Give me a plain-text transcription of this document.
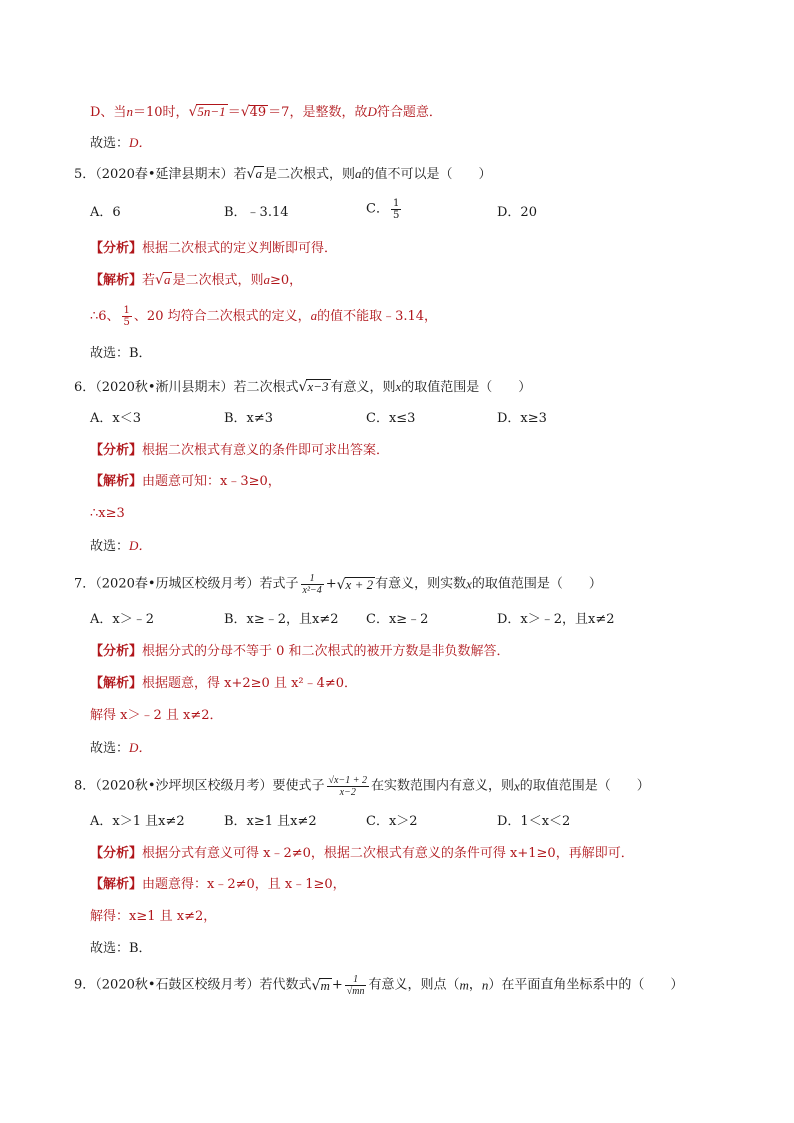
D、当n＝10时，√5n−1 ＝√49 ＝7，是整数，故D符合题意．
故选：D．
5．（2020春•延津县期末）若√a 是二次根式，则a的值不可以是（　　）
A．6	B．﹣3.14	C． $\frac{1}{5}$	D．20
【分析】根据二次根式的定义判断即可得．
【解析】若√a 是二次根式，则a≥0，
∴6、 $\frac{1}{5}$ 、20 均符合二次根式的定义，a的值不能取﹣3.14，
故选：B．
6．（2020秋•淅川县期末）若二次根式√x−3 有意义，则x的取值范围是（　　）
A．x＜3	B．x≠3	C．x≤3	D．x≥3
【分析】根据二次根式有意义的条件即可求出答案．
【解析】由题意可知：x﹣3≥0，
∴x≥3
故选：D．
7．（2020春•历城区校级月考）若式子 $\frac{1}{\text{x²−4}} +√x + 2$ 有意义，则实数x的取值范围是（　　）
A．x＞﹣2	B．x≥﹣2，且x≠2 C．x≥﹣2	D．x＞﹣2，且x≠2
【分析】根据分式的分母不等于 0 和二次根式的被开方数是非负数解答．
【解析】根据题意，得 x+2≥0 且 x²﹣4≠0．
解得 x＞﹣2 且 x≠2．
故选：D．
8．（2020秋•沙坪坝区校级月考）要使式子 $\frac{√x-1 + 2}{x-2}$ 在实数范围内有意义，则x的取值范围是（　　）
A．x＞1 且x≠2	B．x≥1 且x≠2	C．x＞2	D．1＜x＜2
【分析】根据分式有意义可得 x﹣2≠0，根据二次根式有意义的条件可得 x+1≥0，再解即可．
【解析】由题意得：x﹣2≠0，且 x﹣1≥0，
解得：x≥1 且 x≠2，
故选：B．
9．（2020秋•石鼓区校级月考）若代数式$√m + \frac{1}{√mn}$ 有意义，则点（m，n）在平面直角坐标系中的（　　）
